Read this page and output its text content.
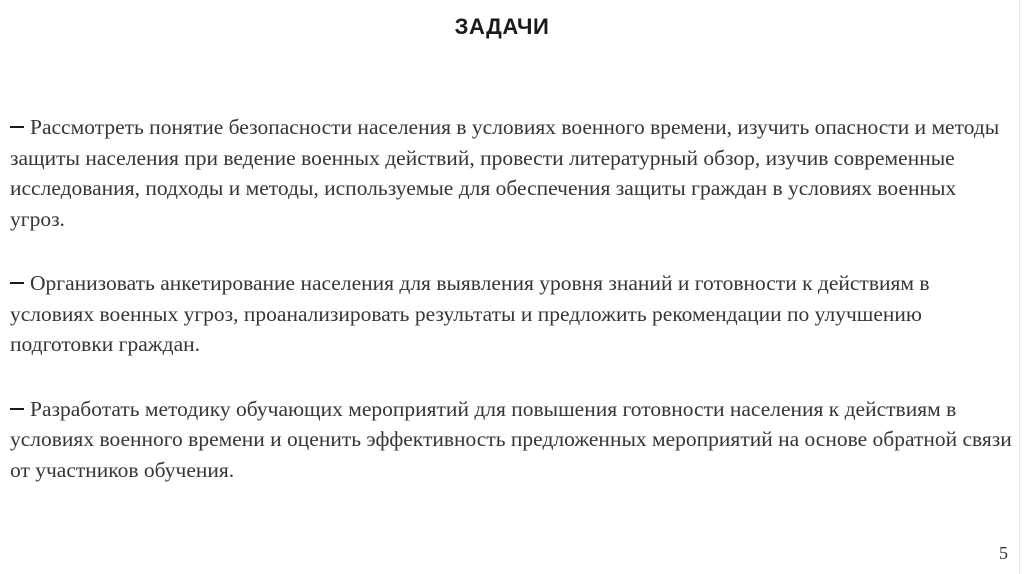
ЗАДАЧИ

Рассмотреть понятие безопасности населения в условиях военного времени, изучить опасности и методы защиты населения при ведение военных действий, провести литературный обзор, изучив современные исследования, подходы и методы, используемые для обеспечения защиты граждан в условиях военных угроз.

Организовать анкетирование населения для выявления уровня знаний и готовности к действиям в условиях военных угроз, проанализировать результаты и предложить рекомендации по улучшению подготовки граждан.

Разработать методику обучающих мероприятий для повышения готовности населения к действиям в условиях военного времени и оценить эффективность предложенных мероприятий на основе обратной связи от участников обучения.

5
